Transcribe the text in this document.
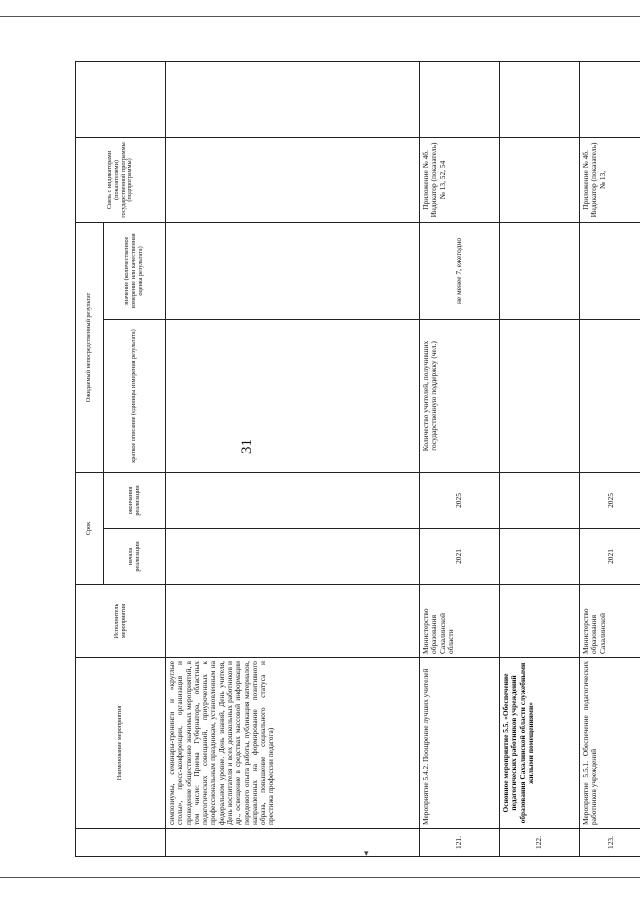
▾
	Наименование мероприятия	Исполнитель мероприятия	Срок		Ожидаемый непосредственный результат		Связь с индикаторами (показателями) государственной программы (подпрограммы)	
			начала реализации	окончания реализации	краткое описание (единицы измерения результата)	значение (количественное измерение или качественная оценка результата)		
	симпозиумы, семинары-тренинги и «круглые столы», пресс-конференции, организация и проведение общественно значимых мероприятий, в том числе: Приема Губернатора, областных педагогических совещаний, приуроченных к профессиональным праздникам, установленным на федеральном уровне. День знаний, День учителя, День воспитателя и всех дошкольных работников и др., освещение в средствах массовой информации передового опыта работы, публикация материалов, направленных на формирование позитивного образа, повышение социального статуса и престижа профессии педагога)							
121.	Мероприятие 5.4.2. Поощрение лучших учителей	Министерство образования Сахалинской области	2021	2025	Количество учителей, получивших государственную поддержку (чел.)	не менее 7, ежегодно	Приложение № 4б. Индикатор (показатель) № 13, 52, 54	
122.	Основное мероприятие 5.5. «Обеспечение педагогических работников учреждений образования Сахалинской области служебными жилыми помещениями»							
123.	Мероприятие 5.5.1. Обеспечение педагогических работников учреждений	Министерство образования Сахалинской	2021	2025			Приложение № 4б. Индикатор (показатель) № 13,	
31
